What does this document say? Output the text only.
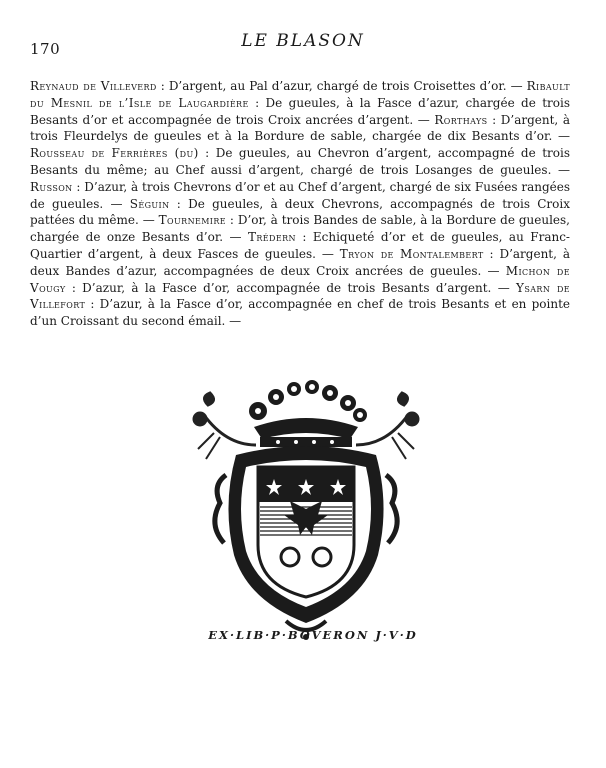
170	LE BLASON
Reynaud de Villeverd : D’argent, au Pal d’azur, chargé de trois Croisettes d’or. — Ribault du Mesnil de l’Isle de Laugardière : De gueules, à la Fasce d’azur, chargée de trois Besants d’or et accompagnée de trois Croix ancrées d’argent. — Rorthays : D’argent, à trois Fleurdelys de gueules et à la Bordure de sable, chargée de dix Besants d’or. — Rousseau de Ferrières (du) : De gueules, au Chevron d’argent, accompagné de trois Besants du même; au Chef aussi d’argent, chargé de trois Losanges de gueules. — Russon : D’azur, à trois Chevrons d’or et au Chef d’argent, chargé de six Fusées rangées de gueules. — Séguin : De gueules, à deux Chevrons, accompagnés de trois Croix pattées du même. — Tournemire : D’or, à trois Bandes de sable, à la Bordure de gueules, chargée de onze Besants d’or. — Trédern : Echiqueté d’or et de gueules, au Franc-Quartier d’argent, à deux Fasces de gueules. — Tryon de Montalembert : D’argent, à deux Bandes d’azur, accompagnées de deux Croix ancrées de gueules. — Michon de Vougy : D’azur, à la Fasce d’or, accompagnée de trois Besants d’argent. — Ysarn de Villefort : D’azur, à la Fasce d’or, accompagnée en chef de trois Besants et en pointe d’un Croissant du second émail. —
EX·LIB·P·BOVERON J·V·D
